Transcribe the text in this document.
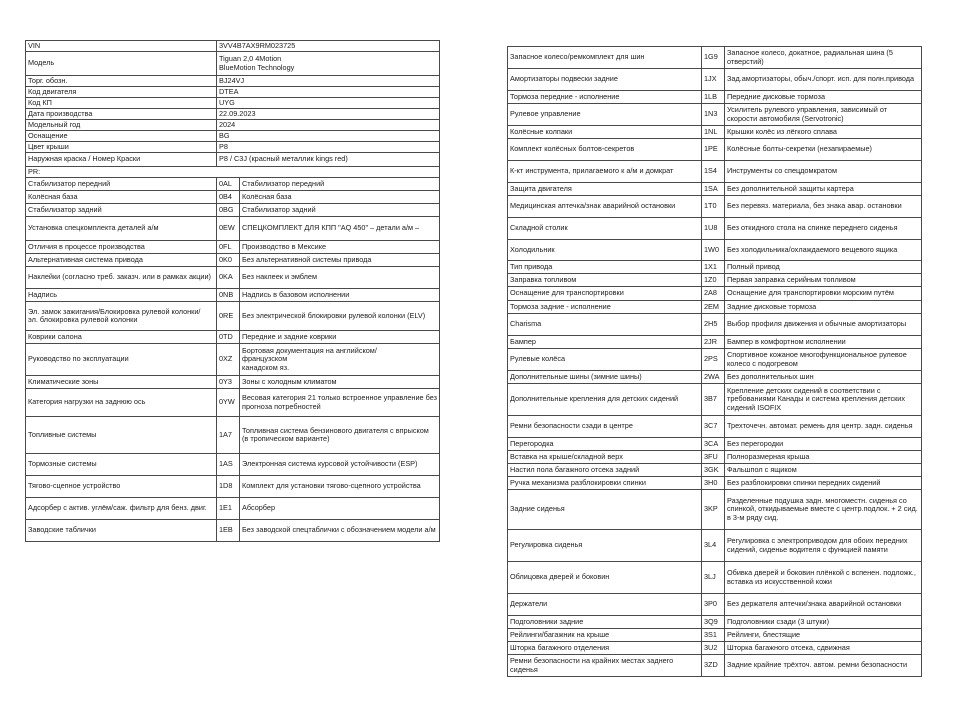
VIN	3VV4B7AX9RM023725	
Модель	Tiguan 2,0 4Motion
BlueMotion Technology	
Торг. обозн.	BJ24VJ	
Код двигателя	DTEA	
Код КП	UYG	
Дата производства	22.09.2023	
Модельный год	2024	
Оснащение	BG	
Цвет крыши	P8	
Наружная краска / Номер Краски	P8 / C3J (красный металлик kings red)	
PR:		
Стабилизатор передний	0AL	Стабилизатор передний
Колёсная база	0B4	Колёсная база
Стабилизатор задний	0BG	Стабилизатор задний
Установка спецкомплекта деталей а/м	0EW	СПЕЦКОМПЛЕКТ ДЛЯ КПП "AQ 450" – детали а/м –
Отличия в процессе производства	0FL	Производство в Мексике
Альтернативная система привода	0K0	Без альтернативной системы привода
Наклейки (согласно треб. заказч. или в рамках акции)	0KA	Без наклеек и эмблем
Надпись	0NB	Надпись в базовом исполнении
Эл. замок зажигания/Блокировка рулевой колонки/
эл. блокировка рулевой колонки	0RE	Без электрической блокировки рулевой колонки (ELV)
Коврики салона	0TD	Передние и задние коврики
Руководство по эксплуатации	0XZ	Бортовая документация на английском/
французском
канадском яз.
Климатические зоны	0Y3	Зоны с холодным климатом
Категория нагрузки на заднюю ось	0YW	Весовая категория 21 только встроенное управление без прогноза потребностей
Топливные системы	1A7	Топливная система бензинового двигателя с впрыском
(в тропическом варианте)
Тормозные системы	1AS	Электронная система курсовой устойчивости (ESP)
Тягово-сцепное устройство	1D8	Комплект для установки тягово-сцепного устройства
Адсорбер с актив. углём/саж. фильтр для бенз. двиг.	1E1	Абсорбер
Заводские таблички	1EB	Без заводской спецтаблички с обозначением модели а/м
Запасное колесо/ремкомплект для шин	1G9	Запасное колесо, докатное, радиальная шина (5 отверстий)
Амортизаторы подвески задние	1JX	Зад.амортизаторы, обыч./спорт. исп. для полн.привода
Тормоза передние - исполнение	1LB	Передние дисковые тормоза
Рулевое управление	1N3	Усилитель рулевого управления, зависимый от скорости автомобиля (Servotronic)
Колёсные колпаки	1NL	Крышки колёс из лёгкого сплава
Комплект колёсных болтов-секретов	1PE	Колёсные болты-секретки (незапираемые)
К-кт инструмента, прилагаемого к а/м и домкрат	1S4	Инструменты со спецдомкратом
Защита двигателя	1SA	Без дополнительной защиты картера
Медицинская аптечка/знак аварийной остановки	1T0	Без перевяз. материала, без знака авар. остановки
Складной столик	1U8	Без откидного стола на спинке переднего сиденья
Холодильник	1W0	Без холодильника/охлаждаемого вещевого ящика
Тип привода	1X1	Полный привод
Заправка топливом	1Z0	Первая заправка серийным топливом
Оснащение для транспортировки	2A8	Оснащение для транспортировки морским путём
Тормоза задние - исполнение	2EM	Задние дисковые тормоза
Charisma	2H5	Выбор профиля движения и обычные амортизаторы
Бампер	2JR	Бампер в комфортном исполнении
Рулевые колёса	2PS	Спортивное кожаное многофункциональное рулевое колесо с подогревом
Дополнительные шины (зимние шины)	2WA	Без дополнительных шин
Дополнительные крепления для детских сидений	3B7	Крепление детских сидений в соответствии с требованиями Канады и система крепления детских сидений ISOFIX
Ремни безопасности сзади в центре	3C7	Трехточечн. автомат. ремень для центр. задн. сиденья
Перегородка	3CA	Без перегородки
Вставка на крыше/складной верх	3FU	Полноразмерная крыша
Настил пола багажного отсека задний	3GK	Фальшпол с ящиком
Ручка механизма разблокировки спинки	3H0	Без разблокировки спинки передних сидений
Задние сиденья	3KP	Разделенные подушка задн. многоместн. сиденья со спинкой, откидываемые вместе с центр.подлок. + 2 сид. в 3-м ряду сид.
Регулировка сиденья	3L4	Регулировка с электроприводом для обоих передних
сидений, сиденье водителя с функцией памяти
Облицовка дверей и боковин	3LJ	Обивка дверей и боковин плёнкой с вспенен. подложк.,
вставка из искусственной кожи
Держатели	3P0	Без держателя аптечки/знака аварийной остановки
Подголовники задние	3Q9	Подголовники сзади (3 штуки)
Рейлинги/багажник на крыше	3S1	Рейлинги, блестящие
Шторка багажного отделения	3U2	Шторка багажного отсека, сдвижная
Ремни безопасности на крайних местах заднего сиденья	3ZD	Задние крайние трёхточ. автом. ремни безопасности
